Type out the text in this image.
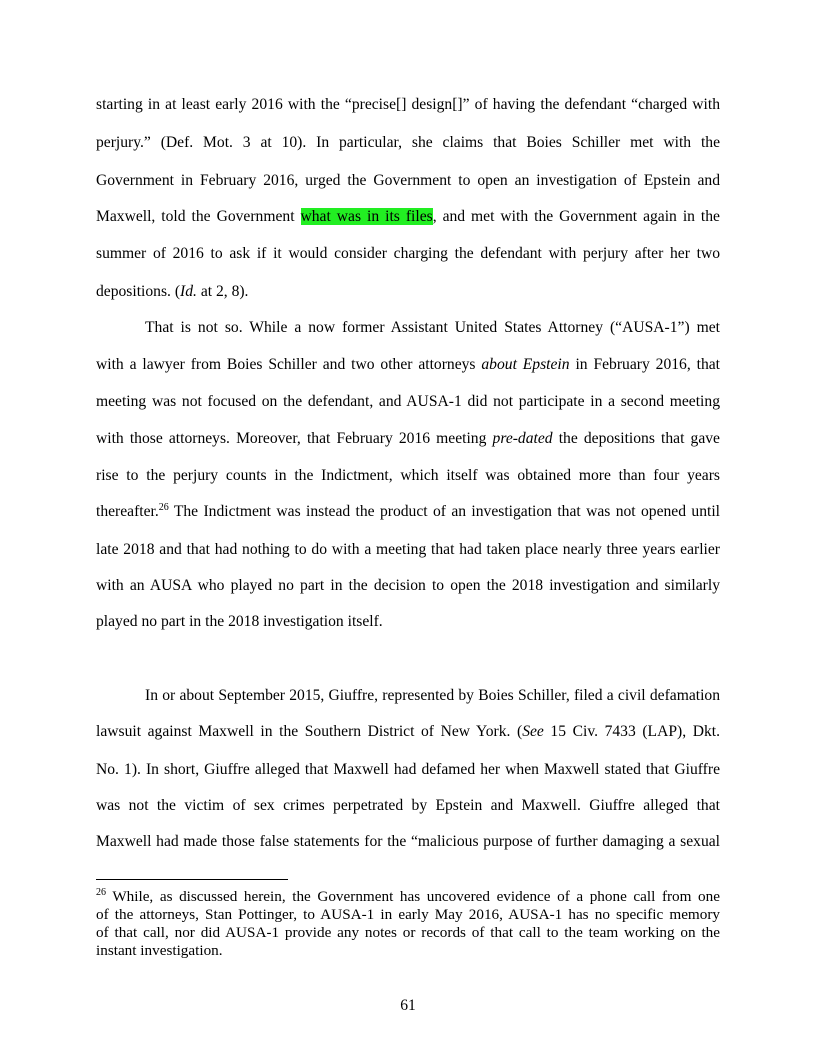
starting in at least early 2016 with the “precise[] design[]” of having the defendant “charged with
perjury.” (Def. Mot. 3 at 10). In particular, she claims that Boies Schiller met with the
Government in February 2016, urged the Government to open an investigation of Epstein and
Maxwell, told the Government what was in its files, and met with the Government again in the
summer of 2016 to ask if it would consider charging the defendant with perjury after her two
depositions. (Id. at 2, 8).
That is not so. While a now former Assistant United States Attorney (“AUSA-1”) met
with a lawyer from Boies Schiller and two other attorneys about Epstein in February 2016, that
meeting was not focused on the defendant, and AUSA-1 did not participate in a second meeting
with those attorneys. Moreover, that February 2016 meeting pre-dated the depositions that gave
rise to the perjury counts in the Indictment, which itself was obtained more than four years
thereafter.$^{26}$ The Indictment was instead the product of an investigation that was not opened until
late 2018 and that had nothing to do with a meeting that had taken place nearly three years earlier
with an AUSA who played no part in the decision to open the 2018 investigation and similarly
played no part in the 2018 investigation itself.
In or about September 2015, Giuffre, represented by Boies Schiller, filed a civil defamation
lawsuit against Maxwell in the Southern District of New York. (See 15 Civ. 7433 (LAP), Dkt.
No. 1). In short, Giuffre alleged that Maxwell had defamed her when Maxwell stated that Giuffre
was not the victim of sex crimes perpetrated by Epstein and Maxwell. Giuffre alleged that
Maxwell had made those false statements for the “malicious purpose of further damaging a sexual
$^{26}$ While, as discussed herein, the Government has uncovered evidence of a phone call from one
of the attorneys, Stan Pottinger, to AUSA-1 in early May 2016, AUSA-1 has no specific memory
of that call, nor did AUSA-1 provide any notes or records of that call to the team working on the
instant investigation.
61
